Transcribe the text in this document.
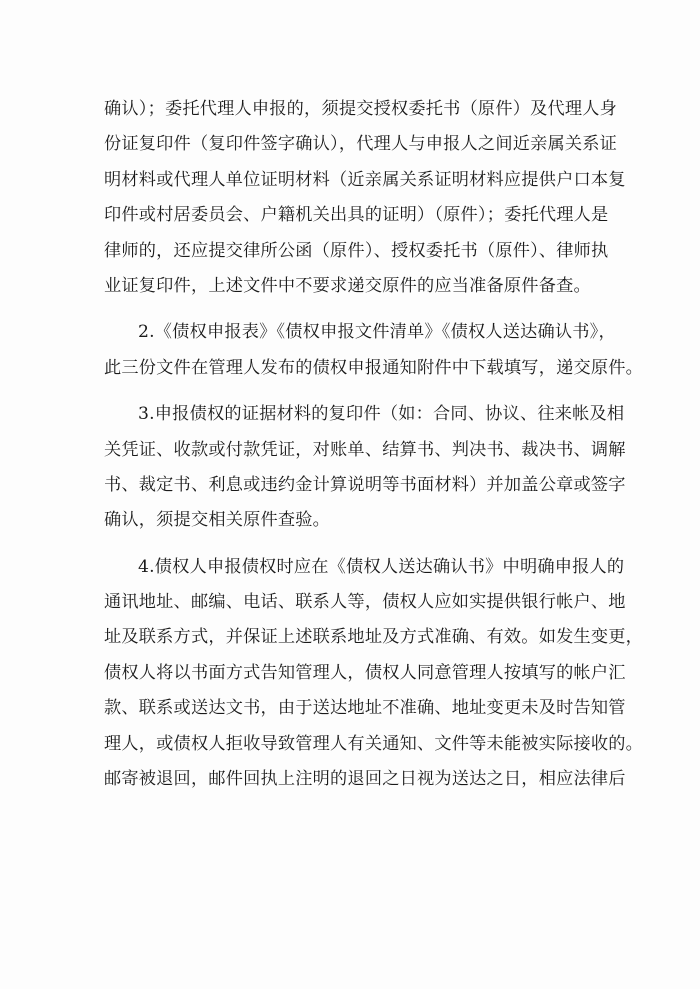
确认）；委托代理人申报的，须提交授权委托书（原件）及代理人身
份证复印件（复印件签字确认），代理人与申报人之间近亲属关系证
明材料或代理人单位证明材料（近亲属关系证明材料应提供户口本复
印件或村居委员会、户籍机关出具的证明）（原件）；委托代理人是
律师的，还应提交律所公函（原件）、授权委托书（原件）、律师执
业证复印件，上述文件中不要求递交原件的应当准备原件备查。
2.《债权申报表》《债权申报文件清单》《债权人送达确认书》，
此三份文件在管理人发布的债权申报通知附件中下载填写，递交原件。
3.申报债权的证据材料的复印件（如：合同、协议、往来帐及相
关凭证、收款或付款凭证，对账单、结算书、判决书、裁决书、调解
书、裁定书、利息或违约金计算说明等书面材料）并加盖公章或签字
确认，须提交相关原件查验。
4.债权人申报债权时应在《债权人送达确认书》中明确申报人的
通讯地址、邮编、电话、联系人等，债权人应如实提供银行帐户、地
址及联系方式，并保证上述联系地址及方式准确、有效。如发生变更，
债权人将以书面方式告知管理人，债权人同意管理人按填写的帐户汇
款、联系或送达文书，由于送达地址不准确、地址变更未及时告知管
理人，或债权人拒收导致管理人有关通知、文件等未能被实际接收的。
邮寄被退回，邮件回执上注明的退回之日视为送达之日，相应法律后
